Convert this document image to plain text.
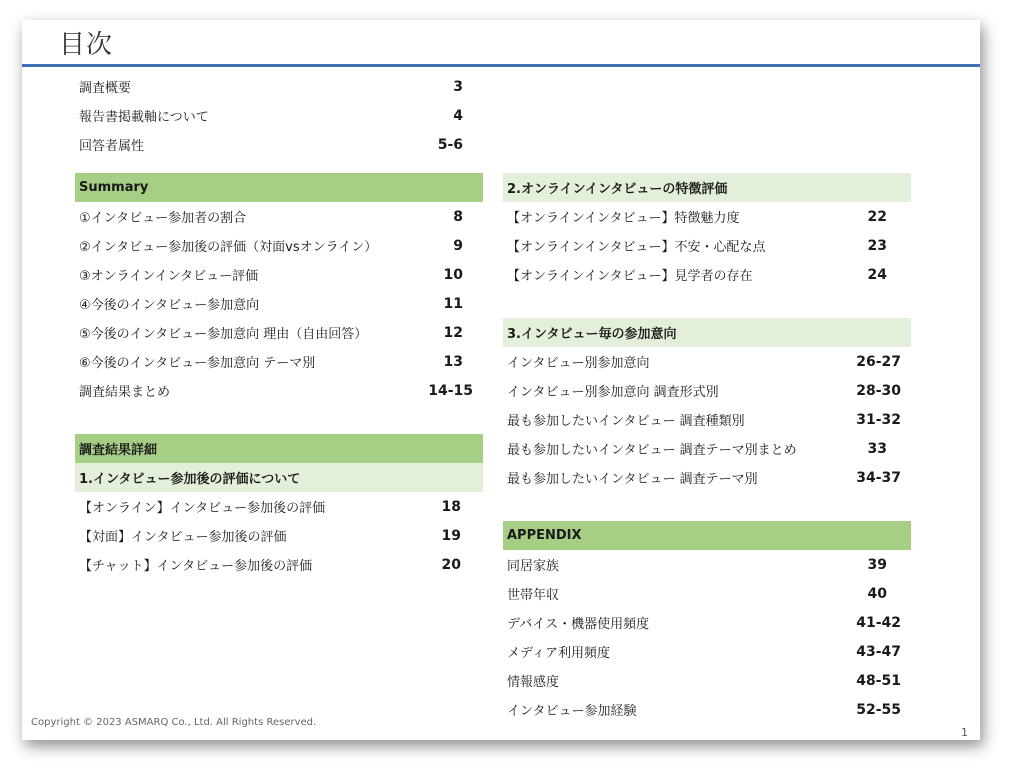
目次
調査概要	3
報告書掲載軸について	4
回答者属性	5-6
Summary
①インタビュー参加者の割合	8
②インタビュー参加後の評価（対面vsオンライン）	9
③オンラインインタビュー評価	10
④今後のインタビュー参加意向	11
⑤今後のインタビュー参加意向 理由（自由回答）	12
⑥今後のインタビュー参加意向 テーマ別	13
調査結果まとめ	14-15
調査結果詳細
1.インタビュー参加後の評価について
【オンライン】インタビュー参加後の評価	18
【対面】インタビュー参加後の評価	19
【チャット】インタビュー参加後の評価	20
2.オンラインインタビューの特徴評価
【オンラインインタビュー】特徴魅力度	22
【オンラインインタビュー】不安・心配な点	23
【オンラインインタビュー】見学者の存在	24
3.インタビュー毎の参加意向
インタビュー別参加意向	26-27
インタビュー別参加意向 調査形式別	28-30
最も参加したいインタビュー 調査種類別	31-32
最も参加したいインタビュー 調査テーマ別まとめ	33
最も参加したいインタビュー 調査テーマ別	34-37
APPENDIX
同居家族	39
世帯年収	40
デバイス・機器使用頻度	41-42
メディア利用頻度	43-47
情報感度	48-51
インタビュー参加経験	52-55
Copyright © 2023 ASMARQ Co., Ltd. All Rights Reserved.
1
